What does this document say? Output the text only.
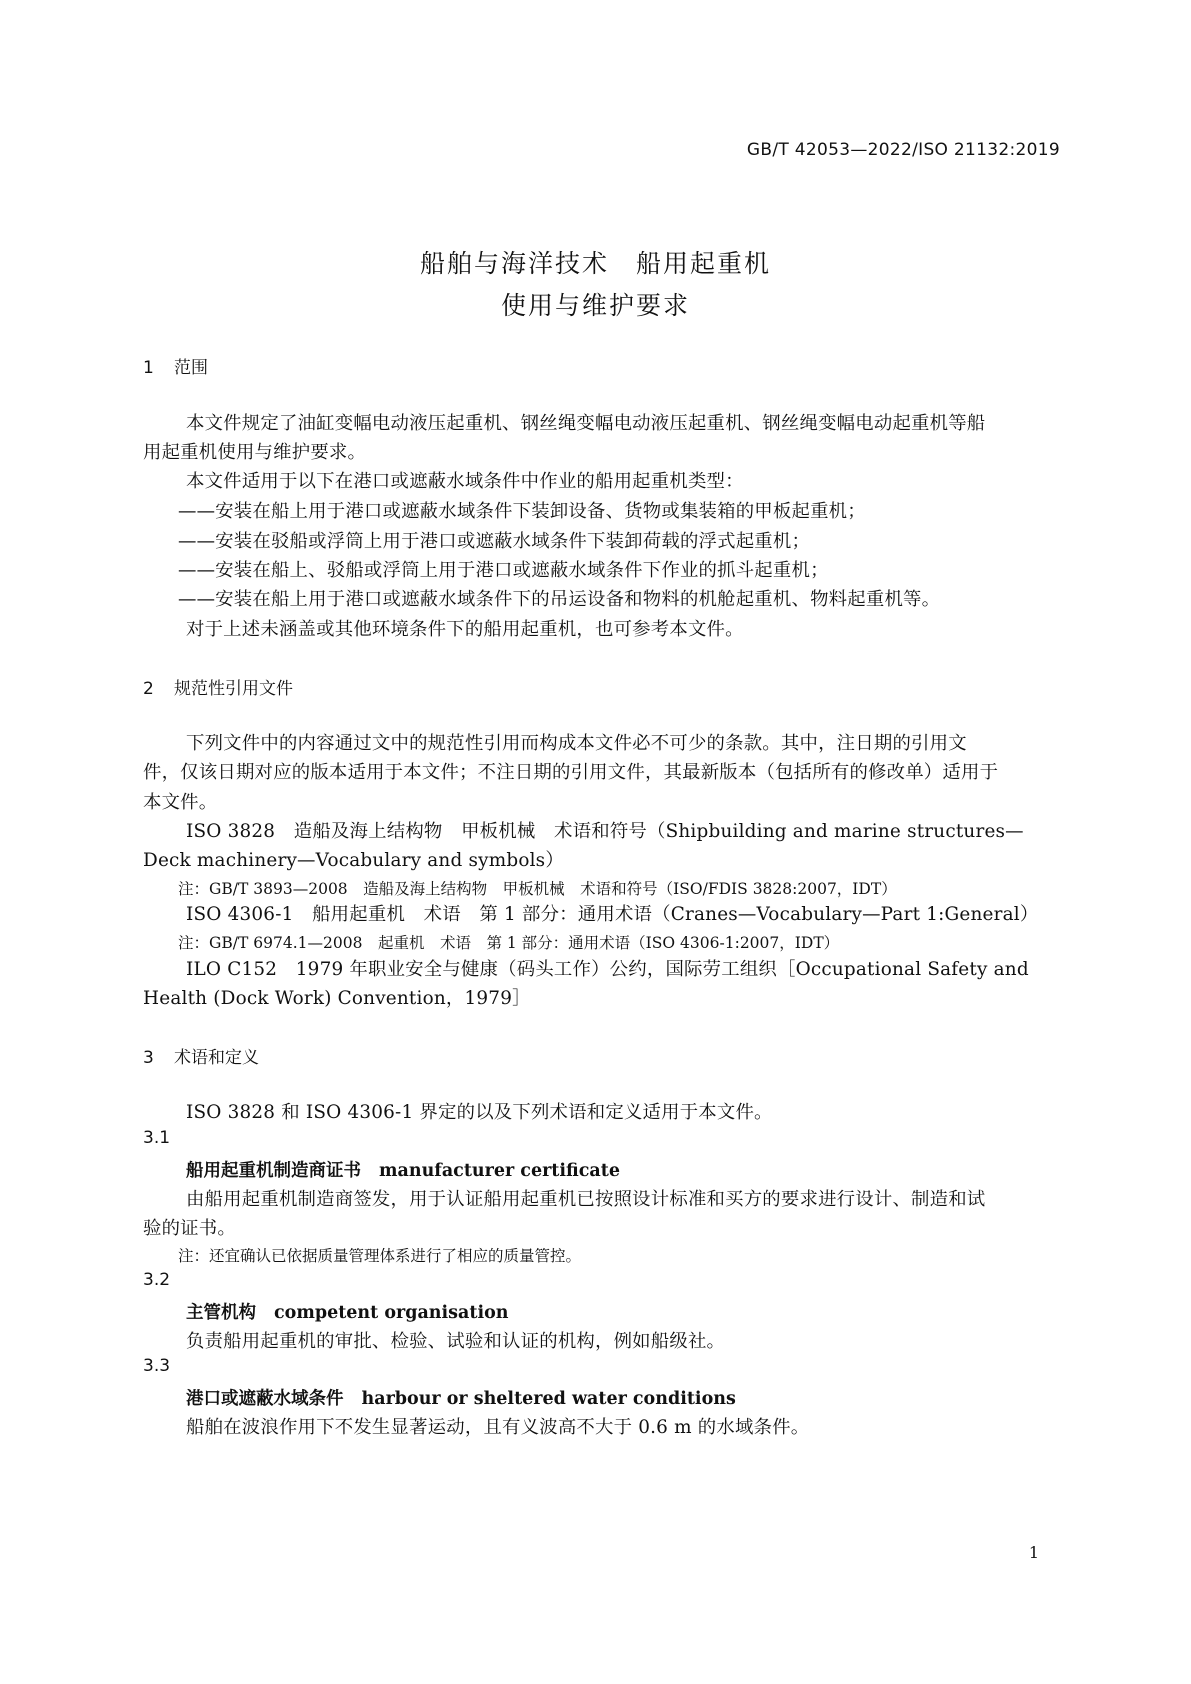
GB/T 42053—2022/ISO 21132:2019
船舶与海洋技术　船用起重机
使用与维护要求
1 范围
本文件规定了油缸变幅电动液压起重机、钢丝绳变幅电动液压起重机、钢丝绳变幅电动起重机等船
用起重机使用与维护要求。
本文件适用于以下在港口或遮蔽水域条件中作业的船用起重机类型：
——安装在船上用于港口或遮蔽水域条件下装卸设备、货物或集装箱的甲板起重机；
——安装在驳船或浮筒上用于港口或遮蔽水域条件下装卸荷载的浮式起重机；
——安装在船上、驳船或浮筒上用于港口或遮蔽水域条件下作业的抓斗起重机；
——安装在船上用于港口或遮蔽水域条件下的吊运设备和物料的机舱起重机、物料起重机等。
对于上述未涵盖或其他环境条件下的船用起重机，也可参考本文件。
2 规范性引用文件
下列文件中的内容通过文中的规范性引用而构成本文件必不可少的条款。其中，注日期的引用文
件，仅该日期对应的版本适用于本文件；不注日期的引用文件，其最新版本（包括所有的修改单）适用于
本文件。
ISO 3828　造船及海上结构物　甲板机械　术语和符号（Shipbuilding and marine structures—
Deck machinery—Vocabulary and symbols）
注：GB/T 3893—2008　造船及海上结构物　甲板机械　术语和符号（ISO/FDIS 3828:2007，IDT）
ISO 4306-1　船用起重机　术语　第 1 部分：通用术语（Cranes—Vocabulary—Part 1:General）
注：GB/T 6974.1—2008　起重机　术语　第 1 部分：通用术语（ISO 4306-1:2007，IDT）
ILO C152　1979 年职业安全与健康（码头工作）公约，国际劳工组织［Occupational Safety and
Health (Dock Work) Convention，1979］
3 术语和定义
ISO 3828 和 ISO 4306-1 界定的以及下列术语和定义适用于本文件。
3.1
船用起重机制造商证书 manufacturer certificate
由船用起重机制造商签发，用于认证船用起重机已按照设计标准和买方的要求进行设计、制造和试
验的证书。
注：还宜确认已依据质量管理体系进行了相应的质量管控。
3.2
主管机构 competent organisation
负责船用起重机的审批、检验、试验和认证的机构，例如船级社。
3.3
港口或遮蔽水域条件 harbour or sheltered water conditions
船舶在波浪作用下不发生显著运动，且有义波高不大于 0.6 m 的水域条件。
1
